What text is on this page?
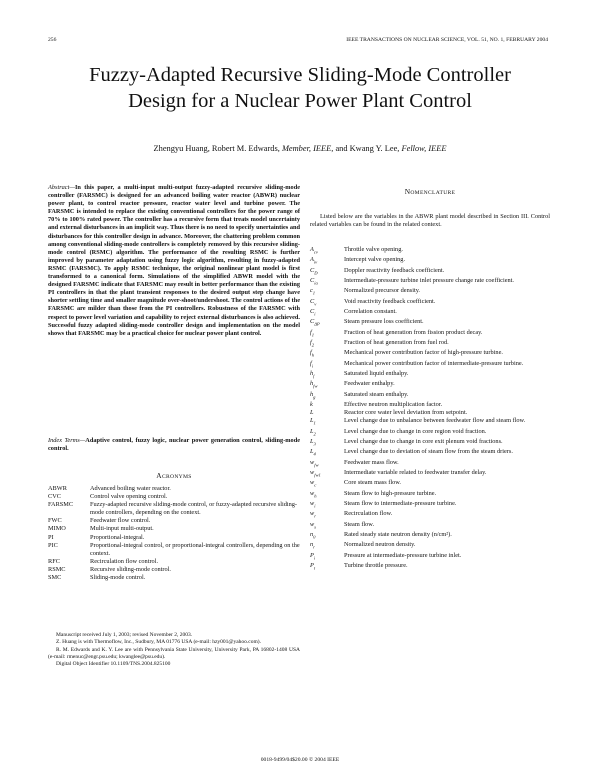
256	IEEE TRANSACTIONS ON NUCLEAR SCIENCE, VOL. 51, NO. 1, FEBRUARY 2004
Fuzzy-Adapted Recursive Sliding-Mode Controller Design for a Nuclear Power Plant Control
Zhengyu Huang, Robert M. Edwards, Member, IEEE, and Kwang Y. Lee, Fellow, IEEE
Abstract—In this paper, a multi-input multi-output fuzzy-adapted recursive sliding-mode controller (FARSMC) is designed for an advanced boiling water reactor (ABWR) nuclear power plant, to control reactor pressure, reactor water level and turbine power. The FARSMC is intended to replace the existing conventional controllers for the power range of 70% to 100% rated power. The controller has a recursive form that treats model uncertainty and external disturbances in an implicit way. Thus there is no need to specify unertainties and disturbances for this controller design in advance. Moreover, the chattering problem common among conventional sliding-mode controllers is completely removed by this recursive sliding-mode control (RSMC) algorithm. The performance of the resulting RSMC is further improved by parameter adaptation using fuzzy logic algorithm, resulting in fuzzy-adapted RSMC (FARSMC). To apply RSMC technique, the original nonlinear plant model is first transformed to a canonical form. Simulations of the simplified ABWR model with the designed FARSMC indicate that FARSMC may result in better performance than the existing PI controllers in that the plant transient responses to the desired output step change have shorter settling time and smaller magnitude over-shoot/undershoot. The control actions of the FARSMC are milder than those from the PI controllers. Robustness of the FARSMC with respect to power level variation and capability to reject external disturbances is also achieved. Successful fuzzy adapted sliding-mode controller design and implementation on the model shows that FARSMC may be a practical choice for nuclear power plant control.
Index Terms—Adaptive control, fuzzy logic, nuclear power generation control, sliding-mode control.
ACRONYMS
ABWR	Advanced boiling water reactor.
CVC	Control valve opening control.
FARSMC	Fuzzy-adapted recursive sliding-mode control, or fuzzy-adapted recursive sliding-mode controllers, depending on the context.
FWC	Feedwater flow control.
MIMO	Multi-input multi-output.
PI	Proportional-integral.
PIC	Proportional-integral control, or proportional-integral controllers, depending on the context.
RFC	Recirculation flow control.
RSMC	Recursive sliding-mode control.
SMC	Sliding-mode control.
Manuscript received July 1, 2003; revised November 2, 2003.
Z. Huang is with Thermoflow, Inc., Sudbury, MA 01776 USA (e-mail: hzy001@yahoo.com).
R. M. Edwards and K. Y. Lee are with Pennsylvania State University, University Park, PA 16802-1408 USA (e-mail: rmenuc@engr.psu.edu; kwanglee@psu.edu).
Digital Object Identifier 10.1109/TNS.2004.825100
NOMENCLATURE
Listed below are the variables in the ABWR plant model described in Section III. Control related variables can be found in the related context.
$A_{cv}$	Throttle valve opening.
$A_{iv}$	Intercept valve opening.
$C_D$	Doppler reactivity feedback coefficient.
$C_{ia}$	Intermediate-pressure turbine inlet pressure change rate coefficient.
$c_1$	Normalized precursor density.
$C_v$	Void reactivity feedback coefficient.
$C_i$	Correlation constant.
$C_{\Delta P}$	Steam pressure loss coefficient.
$f_1$	Fraction of heat generation from fission product decay.
$f_2$	Fraction of heat generation from fuel rod.
$f_h$	Mechanical power contribution factor of high-pressure turbine.
$f_i$	Mechanical power contribution factor of intermediate-pressure turbine.
$h_f$	Saturated liquid enthalpy.
$h_{fw}$	Feedwater enthalpy.
$h_g$	Saturated steam enthalpy.
k	Effective neutron multiplication factor.
L	Reactor core water level deviation from setpoint.
$L_1$	Level change due to unbalance between feedwater flow and steam flow.
$L_2$	Level change due to change in core region void fraction.
$L_3$	Level change due to change in core exit plenum void fractions.
$L_4$	Level change due to deviation of steam flow from the steam driers.
$w_{fw}$	Feedwater mass flow.
$w_{fw1}$	Intermediate variable related to feedwater transfer delay.
$w_c$	Core steam mass flow.
$w_h$	Steam flow to high-pressure turbine.
$w_i$	Steam flow to intermediate-pressure turbine.
$w_r$	Recirculation flow.
$w_s$	Steam flow.
$n_0$	Rated steady state neutron density (n/cm²).
$n_r$	Normalized neutron density.
$P_i$	Pressure at intermediate-pressure turbine inlet.
$P_t$	Turbine throttle pressure.
0018-9499/04$20.00 © 2004 IEEE
